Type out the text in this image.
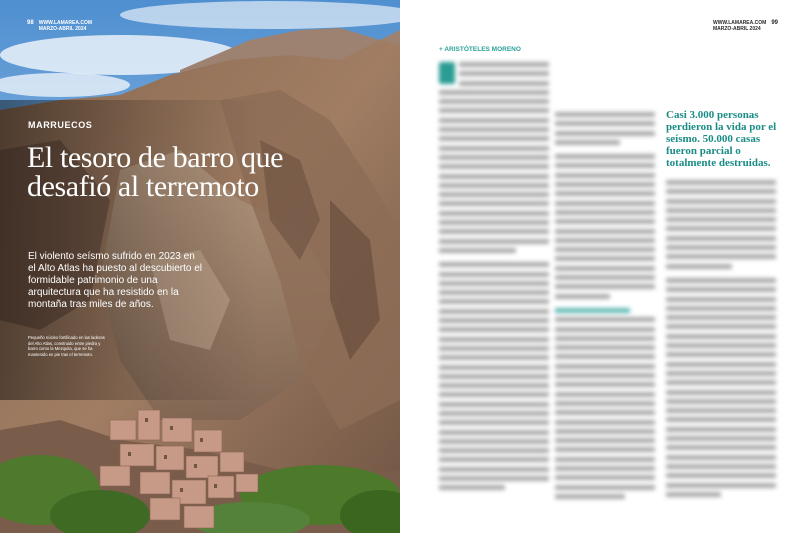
98 WWW.LAMAREA.COM
MARZO-ABRIL 2024
MARRUECOS
El tesoro de barro que desafió al terremoto

El violento seísmo sufrido en 2023 en el Alto Atlas ha puesto al descubierto el formidable patrimonio de una arquitectura que ha resistido en la montaña tras miles de años.

Pequeño núcleo fortificado en las laderas del Alto Atlas, construido entre piedra y barro como la Mezquita, que se ha mantenido en pie tras el terremoto.

WWW.LAMAREA.COM
MARZO-ABRIL 2024
99
+ ARISTÓTELES MORENO

Casi 3.000 personas perdieron la vida por el seísmo. 50.000 casas fueron parcial o totalmente destruidas.
